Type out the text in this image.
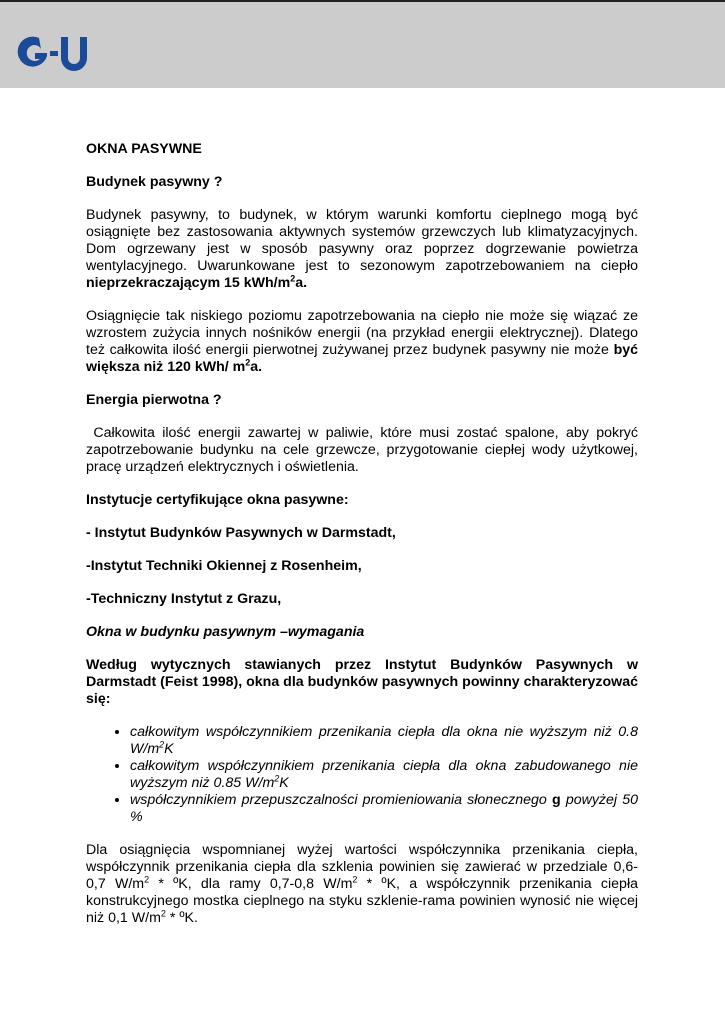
OKNA PASYWNE

Budynek pasywny ?

Budynek pasywny, to budynek, w którym warunki komfortu cieplnego mogą być osiągnięte bez zastosowania aktywnych systemów grzewczych lub klimatyzacyjnych. Dom ogrzewany jest w sposób pasywny oraz poprzez dogrzewanie powietrza wentylacyjnego. Uwarunkowane jest to sezonowym zapotrzebowaniem na ciepło nieprzekraczającym 15 kWh/$m^2a$.

Osiągnięcie tak niskiego poziomu zapotrzebowania na ciepło nie może się wiązać ze wzrostem zużycia innych nośników energii (na przykład energii elektrycznej). Dlatego też całkowita ilość energii pierwotnej zużywanej przez budynek pasywny nie może być większa niż 120 kWh/ $m^2a$.

Energia pierwotna ?

Całkowita ilość energii zawartej w paliwie, które musi zostać spalone, aby pokryć zapotrzebowanie budynku na cele grzewcze, przygotowanie ciepłej wody użytkowej, pracę urządzeń elektrycznych i oświetlenia.

Instytucje certyfikujące okna pasywne:

- Instytut Budynków Pasywnych w Darmstadt,

-Instytut Techniki Okiennej z Rosenheim,

-Techniczny Instytut z Grazu,

Okna w budynku pasywnym –wymagania

Według wytycznych stawianych przez Instytut Budynków Pasywnych w Darmstadt (Feist 1998), okna dla budynków pasywnych powinny charakteryzować się:

• całkowitym współczynnikiem przenikania ciepła dla okna nie wyższym niż 0.8 $W/m^2K$
• całkowitym współczynnikiem przenikania ciepła dla okna zabudowanego nie wyższym niż 0.85 $W/m^2K$
• współczynnikiem przepuszczalności promieniowania słonecznego g powyżej 50 %

Dla osiągnięcia wspomnianej wyżej wartości współczynnika przenikania ciepła, współczynnik przenikania ciepła dla szklenia powinien się zawierać w przedziale 0,6-0,7 $W/m^2$ * ºK, dla ramy 0,7-0,8 $W/m^2$ * ºK, a współczynnik przenikania ciepła konstrukcyjnego mostka cieplnego na styku szklenie-rama powinien wynosić nie więcej niż 0,1 $W/m^2$ * ºK.
